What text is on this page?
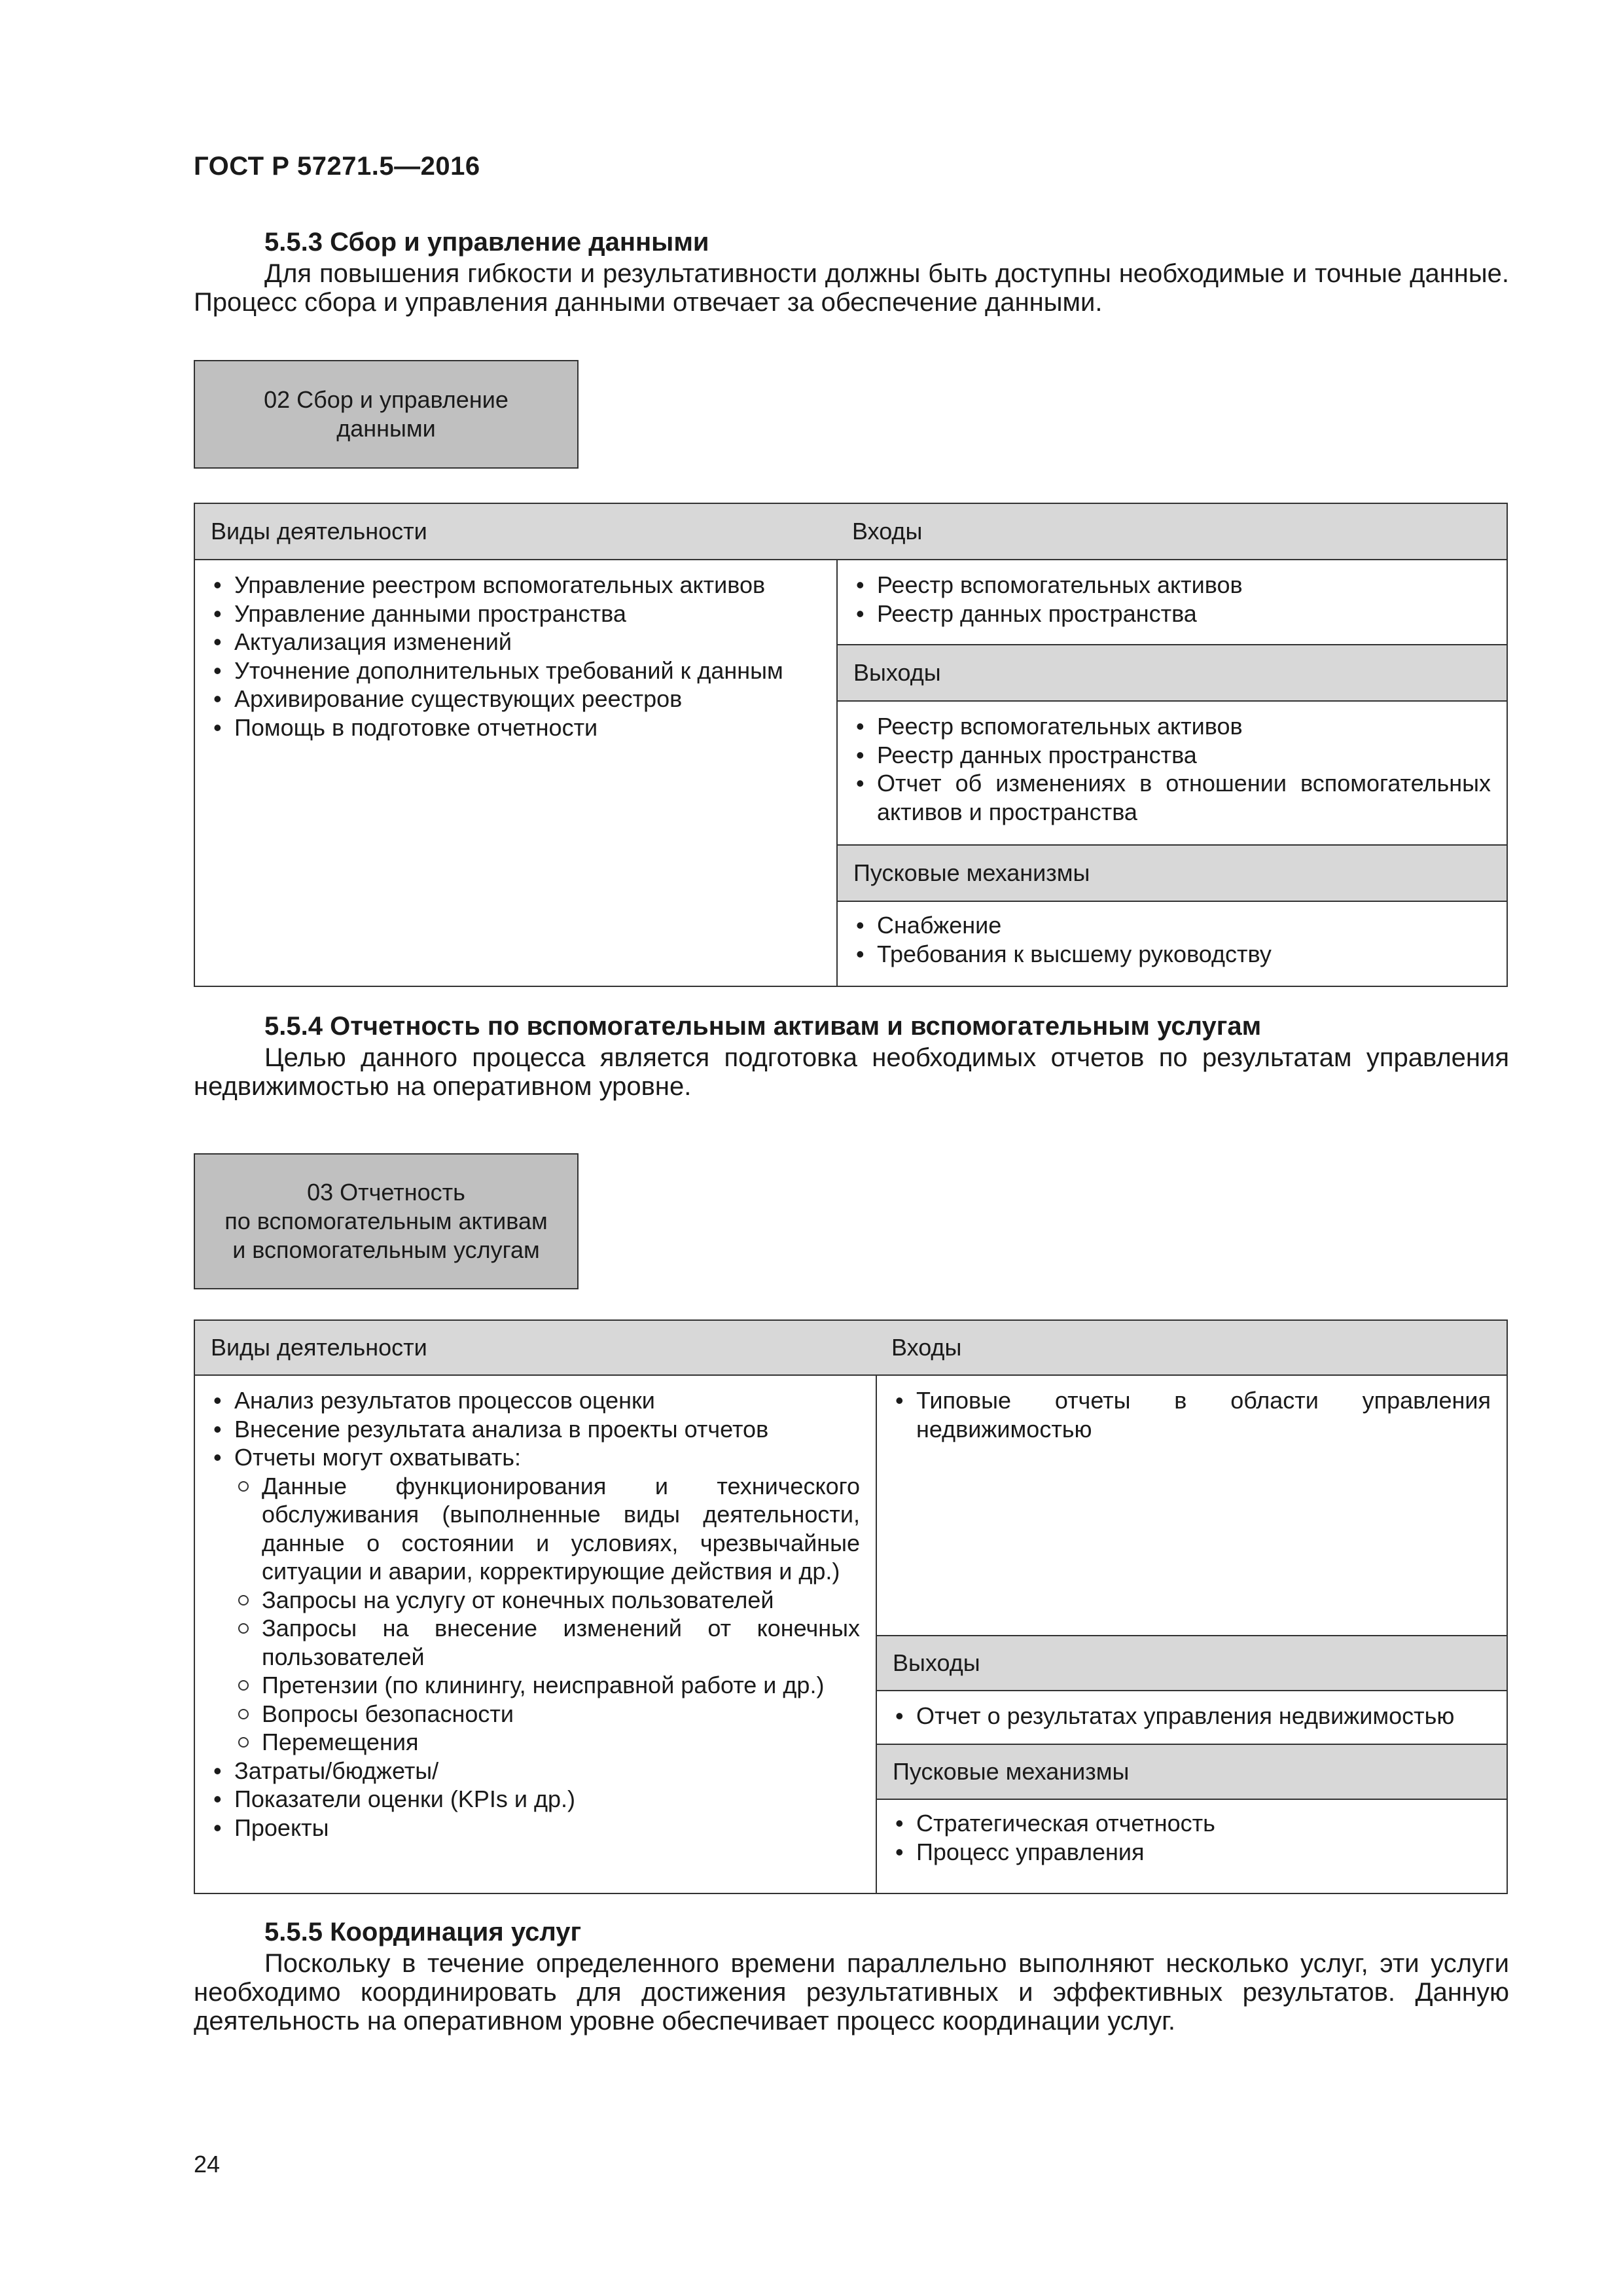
ГОСТ Р 57271.5—2016
5.5.3 Сбор и управление данными
Для повышения гибкости и результативности должны быть доступны необходимые и точные данные. Процесс сбора и управления данными отвечает за обеспечение данными.
02 Сбор и управление
данными
Виды деятельности	Входы
• Управление реестром вспомогательных активов
• Управление данными пространства
• Актуализация изменений
• Уточнение дополнительных требований к данным
• Архивирование существующих реестров
• Помощь в подготовке отчетности
• Реестр вспомогательных активов
• Реестр данных пространства
Выходы
• Реестр вспомогательных активов
• Реестр данных пространства
• Отчет об изменениях в отношении вспомогательных активов и пространства
Пусковые механизмы
• Снабжение
• Требования к высшему руководству
5.5.4 Отчетность по вспомогательным активам и вспомогательным услугам
Целью данного процесса является подготовка необходимых отчетов по результатам управления недвижимостью на оперативном уровне.
03 Отчетность
по вспомогательным активам
и вспомогательным услугам
Виды деятельности	Входы
• Анализ результатов процессов оценки
• Внесение результата анализа в проекты отчетов
• Отчеты могут охватывать:
Данные функционирования и технического обслуживания (выполненные виды деятельности, данные о состоянии и условиях, чрезвычайные ситуации и аварии, корректирующие действия и др.)
Запросы на услугу от конечных пользователей
Запросы на внесение изменений от конечных пользователей
Претензии (по клинингу, неисправной работе и др.)
Вопросы безопасности
Перемещения
• Затраты/бюджеты/
• Показатели оценки (KPIs и др.)
• Проекты
• Типовые отчеты в области управления недвижимостью
Выходы
• Отчет о результатах управления недвижимостью
Пусковые механизмы
• Стратегическая отчетность
• Процесс управления
5.5.5 Координация услуг
Поскольку в течение определенного времени параллельно выполняют несколько услуг, эти услуги необходимо координировать для достижения результативных и эффективных результатов. Данную деятельность на оперативном уровне обеспечивает процесс координации услуг.
24
